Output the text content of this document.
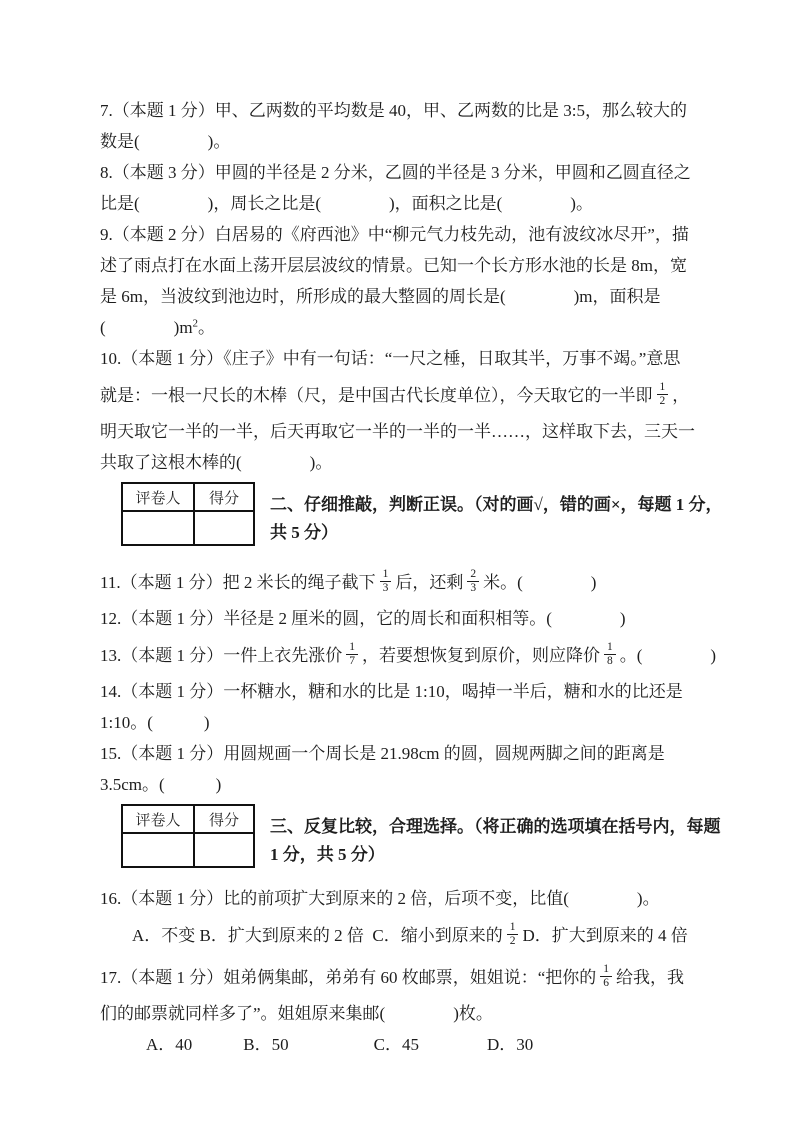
7.（本题 1 分）甲、乙两数的平均数是 40，甲、乙两数的比是 3:5，那么较大的
数是(　　　　)。
8.（本题 3 分）甲圆的半径是 2 分米，乙圆的半径是 3 分米，甲圆和乙圆直径之
比是(　　　　)，周长之比是(　　　　)，面积之比是(　　　　)。
9.（本题 2 分）白居易的《府西池》中“柳元气力枝先动，池有波纹冰尽开”，描
述了雨点打在水面上荡开层层波纹的情景。已知一个长方形水池的长是 8m，宽
是 6m，当波纹到池边时，所形成的最大整圆的周长是(　　　　)m，面积是
(　　　　)$m^2$。
10.（本题 1 分）《庄子》中有一句话：“一尺之棰，日取其半，万事不竭。”意思
就是：一根一尺长的木棒（尺，是中国古代长度单位），今天取它的一半即 $\frac{1}{2}$ ，
明天取它一半的一半，后天再取它一半的一半的一半……，这样取下去，三天一
共取了这根木棒的(　　　　)。
评卷人	得分
	二、仔细推敲，判断正误。（对的画√，错的画×，每题 1 分，
共 5 分）
11.（本题 1 分）把 2 米长的绳子截下 $\frac{1}{3}$ 后，还剩 $\frac{2}{3}$ 米。(　　　　)
12.（本题 1 分）半径是 2 厘米的圆，它的周长和面积相等。(　　　　)
13.（本题 1 分）一件上衣先涨价 $\frac{1}{7}$ ，若要想恢复到原价，则应降价 $\frac{1}{8}$ 。(　　　　)
14.（本题 1 分）一杯糖水，糖和水的比是 1:10，喝掉一半后，糖和水的比还是
1:10。(　　　)
15.（本题 1 分）用圆规画一个周长是 21.98cm 的圆，圆规两脚之间的距离是
3.5cm。(　　　)
评卷人	得分
	三、反复比较，合理选择。（将正确的选项填在括号内，每题
1 分，共 5 分）
16.（本题 1 分）比的前项扩大到原来的 2 倍，后项不变，比值(　　　　)。
A．不变 B．扩大到原来的 2 倍  C．缩小到原来的 $\frac{1}{2}$ D．扩大到原来的 4 倍
17.（本题 1 分）姐弟俩集邮，弟弟有 60 枚邮票，姐姐说：“把你的 $\frac{1}{6}$ 给我，我
们的邮票就同样多了”。姐姐原来集邮(　　　　)枚。
A．40　　　B．50　　　　　C．45　　　　D．30
